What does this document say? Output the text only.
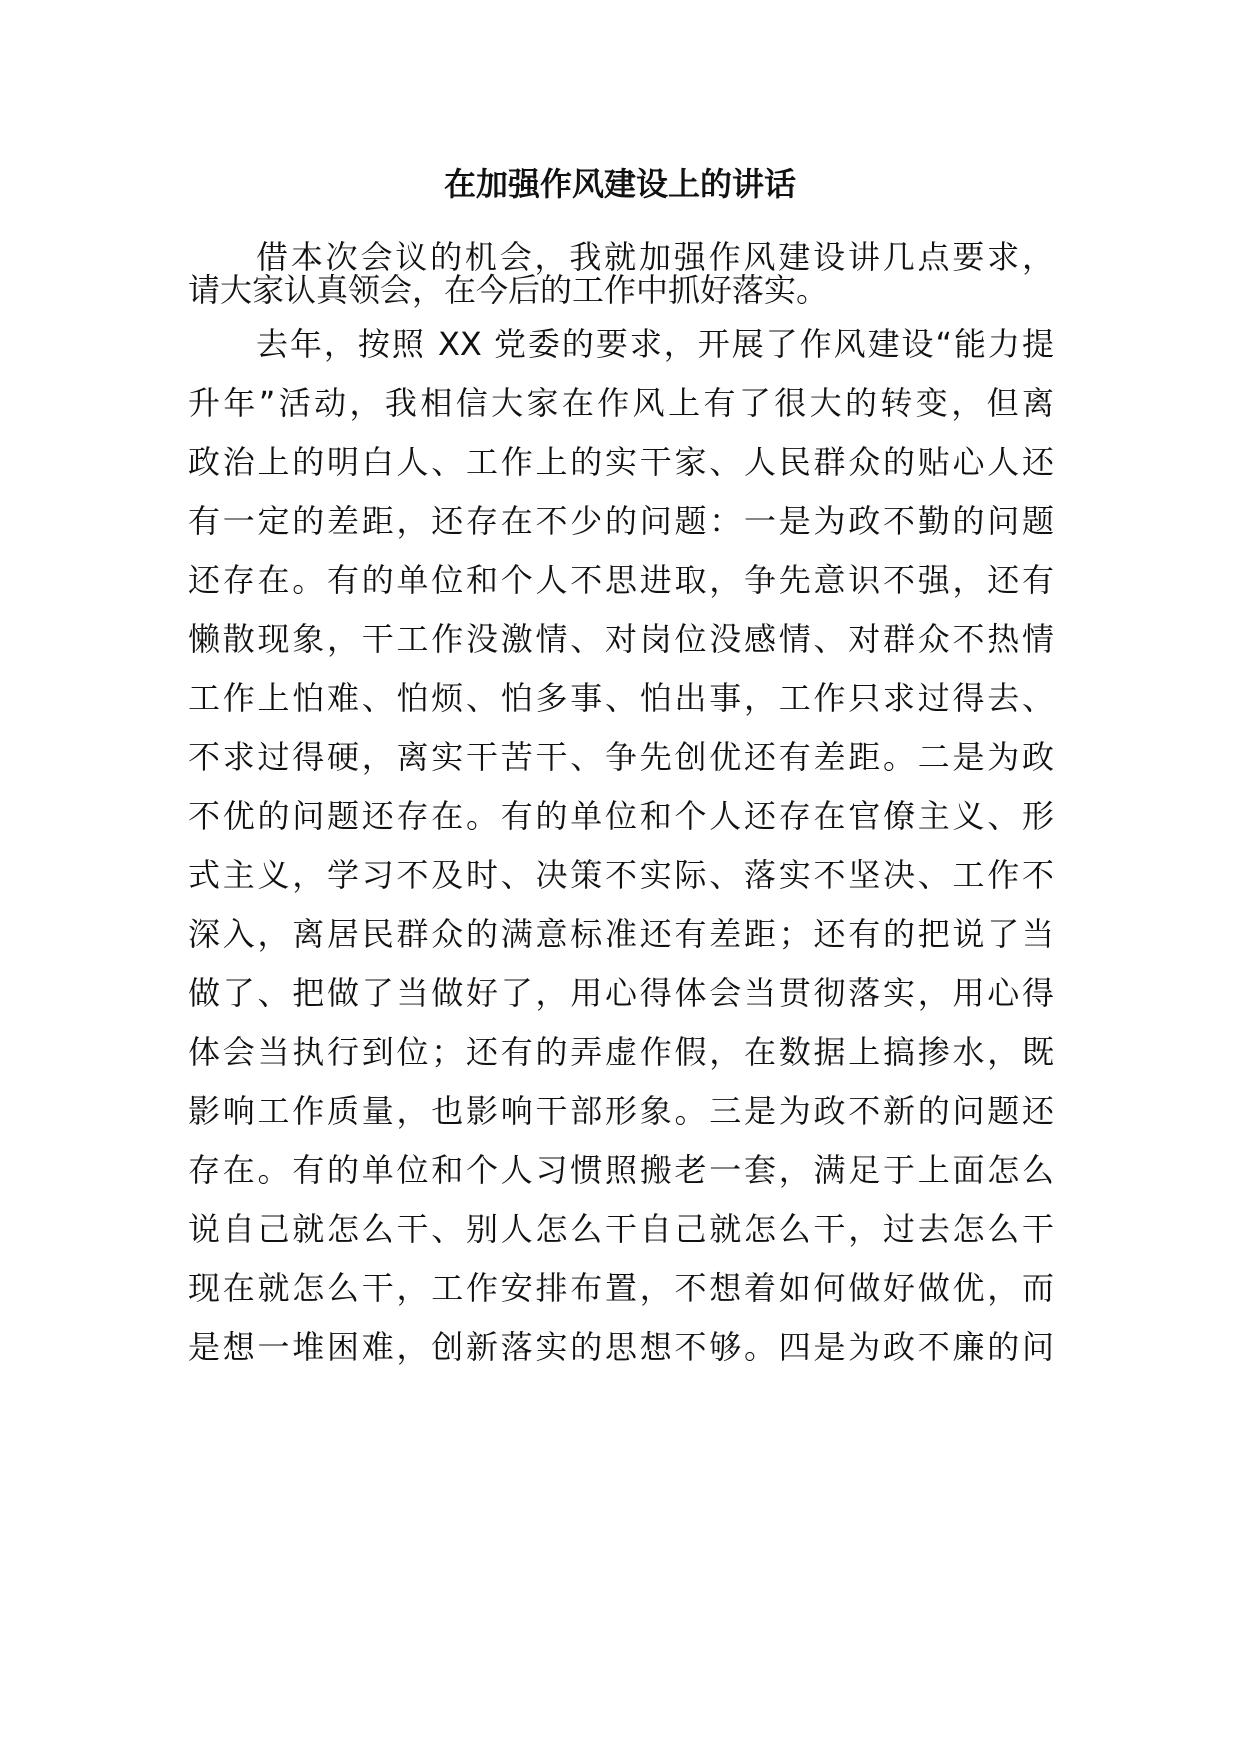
在加强作风建设上的讲话

借本次会议的机会，我就加强作风建设讲几点要求，

请大家认真领会，在今后的工作中抓好落实。

去年，按照 XX 党委的要求，开展了作风建设“能力提

升年”活动，我相信大家在作风上有了很大的转变，但离

政治上的明白人、工作上的实干家、人民群众的贴心人还

有一定的差距，还存在不少的问题：一是为政不勤的问题

还存在。有的单位和个人不思进取，争先意识不强，还有

懒散现象，干工作没激情、对岗位没感情、对群众不热情

工作上怕难、怕烦、怕多事、怕出事，工作只求过得去、

不求过得硬，离实干苦干、争先创优还有差距。二是为政

不优的问题还存在。有的单位和个人还存在官僚主义、形

式主义，学习不及时、决策不实际、落实不坚决、工作不

深入，离居民群众的满意标准还有差距；还有的把说了当

做了、把做了当做好了，用心得体会当贯彻落实，用心得

体会当执行到位；还有的弄虚作假，在数据上搞掺水，既

影响工作质量，也影响干部形象。三是为政不新的问题还

存在。有的单位和个人习惯照搬老一套，满足于上面怎么

说自己就怎么干、别人怎么干自己就怎么干，过去怎么干

现在就怎么干，工作安排布置，不想着如何做好做优，而

是想一堆困难，创新落实的思想不够。四是为政不廉的问
